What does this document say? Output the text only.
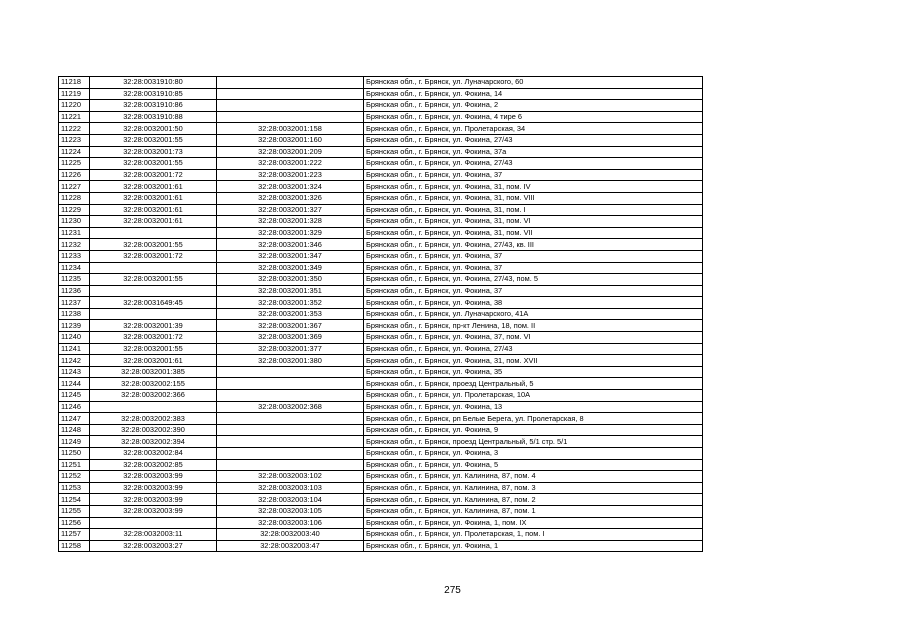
11218	32:28:0031910:80		Брянская обл., г. Брянск, ул. Луначарского, 60
11219	32:28:0031910:85		Брянская обл., г. Брянск, ул. Фокина, 14
11220	32:28:0031910:86		Брянская обл., г. Брянск, ул. Фокина, 2
11221	32:28:0031910:88		Брянская обл., г. Брянск, ул. Фокина, 4 тире 6
11222	32:28:0032001:50	32:28:0032001:158	Брянская обл., г. Брянск, ул. Пролетарская, 34
11223	32:28:0032001:55	32:28:0032001:160	Брянская обл., г. Брянск, ул. Фокина, 27/43
11224	32:28:0032001:73	32:28:0032001:209	Брянская обл., г. Брянск, ул. Фокина, 37а
11225	32:28:0032001:55	32:28:0032001:222	Брянская обл., г. Брянск, ул. Фокина, 27/43
11226	32:28:0032001:72	32:28:0032001:223	Брянская обл., г. Брянск, ул. Фокина, 37
11227	32:28:0032001:61	32:28:0032001:324	Брянская обл., г. Брянск, ул. Фокина, 31, пом. IV
11228	32:28:0032001:61	32:28:0032001:326	Брянская обл., г. Брянск, ул. Фокина, 31, пом. VIII
11229	32:28:0032001:61	32:28:0032001:327	Брянская обл., г. Брянск, ул. Фокина, 31, пом. I
11230	32:28:0032001:61	32:28:0032001:328	Брянская обл., г. Брянск, ул. Фокина, 31, пом. VI
11231		32:28:0032001:329	Брянская обл., г. Брянск, ул. Фокина, 31, пом. VII
11232	32:28:0032001:55	32:28:0032001:346	Брянская обл., г. Брянск, ул. Фокина, 27/43, кв. III
11233	32:28:0032001:72	32:28:0032001:347	Брянская обл., г. Брянск, ул. Фокина, 37
11234		32:28:0032001:349	Брянская обл., г. Брянск, ул. Фокина, 37
11235	32:28:0032001:55	32:28:0032001:350	Брянская обл., г. Брянск, ул. Фокина, 27/43, пом. 5
11236		32:28:0032001:351	Брянская обл., г. Брянск, ул. Фокина, 37
11237	32:28:0031649:45	32:28:0032001:352	Брянская обл., г. Брянск, ул. Фокина, 38
11238		32:28:0032001:353	Брянская обл., г. Брянск, ул. Луначарского, 41А
11239	32:28:0032001:39	32:28:0032001:367	Брянская обл., г. Брянск, пр-кт Ленина, 18, пом. II
11240	32:28:0032001:72	32:28:0032001:369	Брянская обл., г. Брянск, ул. Фокина, 37, пом. VI
11241	32:28:0032001:55	32:28:0032001:377	Брянская обл., г. Брянск, ул. Фокина, 27/43
11242	32:28:0032001:61	32:28:0032001:380	Брянская обл., г. Брянск, ул. Фокина, 31, пом. XVII
11243	32:28:0032001:385		Брянская обл., г. Брянск, ул. Фокина, 35
11244	32:28:0032002:155		Брянская обл., г. Брянск, проезд Центральный, 5
11245	32:28:0032002:366		Брянская обл., г. Брянск, ул. Пролетарская, 10А
11246		32:28:0032002:368	Брянская обл., г. Брянск, ул. Фокина, 13
11247	32:28:0032002:383		Брянская обл., г. Брянск, рп Белые Берега, ул. Пролетарская, 8
11248	32:28:0032002:390		Брянская обл., г. Брянск, ул. Фокина, 9
11249	32:28:0032002:394		Брянская обл., г. Брянск, проезд Центральный, 5/1 стр. 5/1
11250	32:28:0032002:84		Брянская обл., г. Брянск, ул. Фокина, 3
11251	32:28:0032002:85		Брянская обл., г. Брянск, ул. Фокина, 5
11252	32:28:0032003:99	32:28:0032003:102	Брянская обл., г. Брянск, ул. Калинина, 87, пом. 4
11253	32:28:0032003:99	32:28:0032003:103	Брянская обл., г. Брянск, ул. Калинина, 87, пом. 3
11254	32:28:0032003:99	32:28:0032003:104	Брянская обл., г. Брянск, ул. Калинина, 87, пом. 2
11255	32:28:0032003:99	32:28:0032003:105	Брянская обл., г. Брянск, ул. Калинина, 87, пом. 1
11256		32:28:0032003:106	Брянская обл., г. Брянск, ул. Фокина, 1, пом. IX
11257	32:28:0032003:11	32:28:0032003:40	Брянская обл., г. Брянск, ул. Пролетарская, 1, пом. I
11258	32:28:0032003:27	32:28:0032003:47	Брянская обл., г. Брянск, ул. Фокина, 1
275
